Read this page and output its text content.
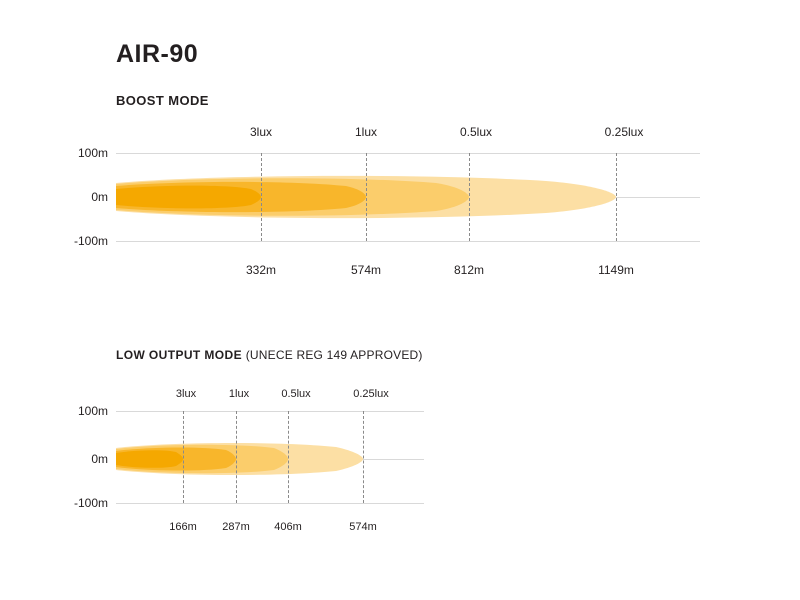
AIR-90
BOOST MODE
100m
0m
-100m
3lux	1lux	0.5lux	0.25lux
332m	574m	812m	1149m
LOW OUTPUT MODE (UNECE REG 149 APPROVED)
100m
0m
-100m
3lux	1lux	0.5lux	0.25lux
166m 287m 406m	574m
